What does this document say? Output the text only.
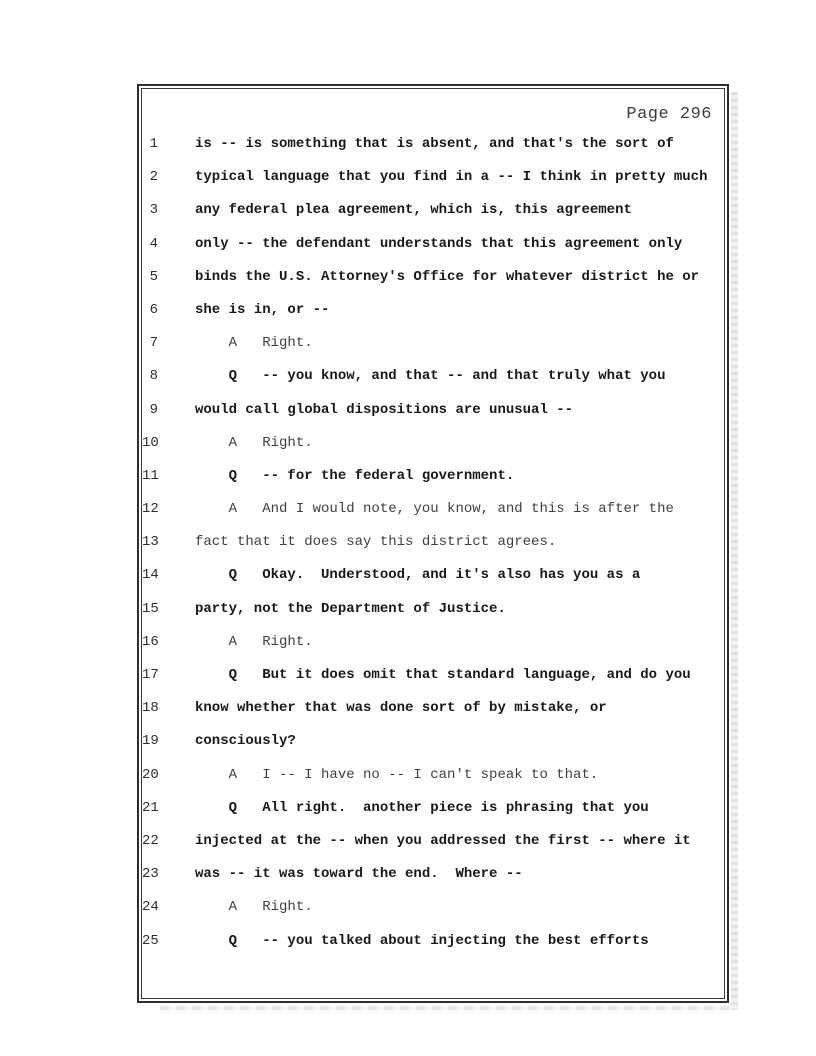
Page 296
1	is -- is something that is absent, and that's the sort of
2	typical language that you find in a -- I think in pretty much
3	any federal plea agreement, which is, this agreement
4	only -- the defendant understands that this agreement only
5	binds the U.S. Attorney's Office for whatever district he or
6	she is in, or --
7	A   Right.
8	Q   -- you know, and that -- and that truly what you
9	would call global dispositions are unusual --
10	A   Right.
11	Q   -- for the federal government.
12	A   And I would note, you know, and this is after the
13	fact that it does say this district agrees.
14	Q   Okay.  Understood, and it's also has you as a
15	party, not the Department of Justice.
16	A   Right.
17	Q   But it does omit that standard language, and do you
18	know whether that was done sort of by mistake, or
19	consciously?
20	A   I -- I have no -- I can't speak to that.
21	Q   All right.  another piece is phrasing that you
22	injected at the -- when you addressed the first -- where it
23	was -- it was toward the end.  Where --
24	A   Right.
25	Q   -- you talked about injecting the best efforts
